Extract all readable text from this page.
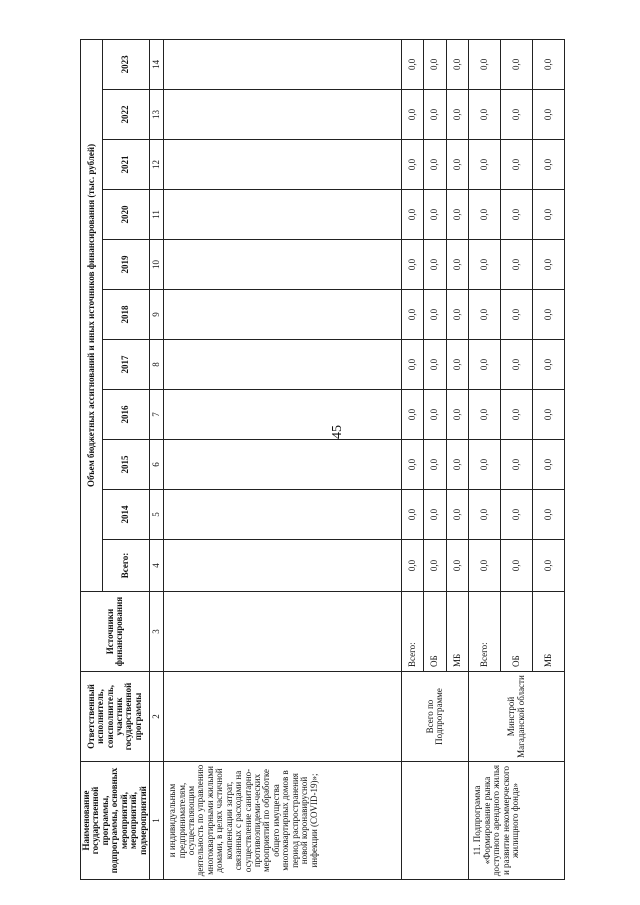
45
Наименование государственной программы, подпрограммы, основных мероприятий, мероприятий, подмероприятий	Ответственный исполнитель, соисполнитель, участник государственной программы	Источники финансирования	Объем бюджетных ассигнований и иных источников финансирования (тыс. рублей)										
			Всего:	2014	2015	2016	2017	2018	2019	2020	2021	2022	2023
1	2	3	4	5	6	7	8	9	10	11	12	13	14
и индивидуальным предпринимателям, осуществляющим деятельность по управлению многоквартирными жилыми домами, в целях частичной компенсации затрат, связанных с расходами на осуществление санитарно-противоэпидеми-ческих мероприятий по обработке общего имущества многоквартирных домов в период распространения новой коронавирусной инфекции (COVID-19)»;													
	Всего по Подпрограмме	Всего:	0,0	0,0	0,0	0,0	0,0	0,0	0,0	0,0	0,0	0,0	0,0
		ОБ	0,0	0,0	0,0	0,0	0,0	0,0	0,0	0,0	0,0	0,0	0,0
		МБ	0,0	0,0	0,0	0,0	0,0	0,0	0,0	0,0	0,0	0,0	0,0
11. Подпрограмма «Формирование рынка доступного арендного жилья и развитие некоммерческого жилищного фонда»	Минстрой Магаданской области	Всего:	0,0	0,0	0,0	0,0	0,0	0,0	0,0	0,0	0,0	0,0	0,0
		ОБ	0,0	0,0	0,0	0,0	0,0	0,0	0,0	0,0	0,0	0,0	0,0
		МБ	0,0	0,0	0,0	0,0	0,0	0,0	0,0	0,0	0,0	0,0	0,0
